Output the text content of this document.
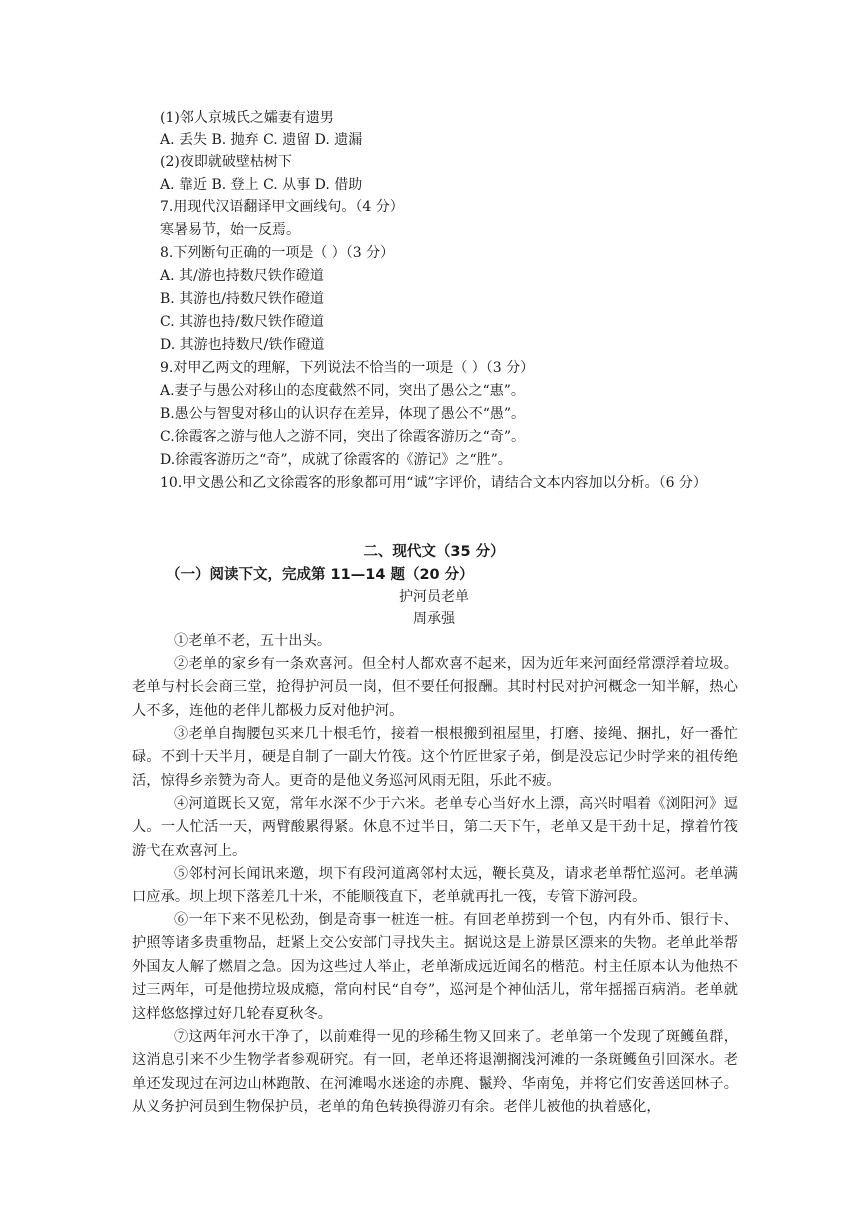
(1)邻人京城氏之孀妻有遗男
A. 丢失 B. 抛弃 C. 遗留 D. 遗漏
(2)夜即就破壁枯树下
A. 靠近 B. 登上 C. 从事 D. 借助
7.用现代汉语翻译甲文画线句。（4 分）
寒暑易节，始一反焉。
8.下列断句正确的一项是（ ）（3 分）
A. 其/游也持数尺铁作磴道
B. 其游也/持数尺铁作磴道
C. 其游也持/数尺铁作磴道
D. 其游也持数尺/铁作磴道
9.对甲乙两文的理解，下列说法不恰当的一项是（ ）（3 分）
A.妻子与愚公对移山的态度截然不同，突出了愚公之“惠”。
B.愚公与智叟对移山的认识存在差异，体现了愚公不“愚”。
C.徐霞客之游与他人之游不同，突出了徐霞客游历之“奇”。
D.徐霞客游历之“奇”，成就了徐霞客的《游记》之“胜”。
10.甲文愚公和乙文徐霞客的形象都可用“诚”字评价，请结合文本内容加以分析。（6 分）
二、现代文（35 分）
（一）阅读下文，完成第 11—14 题（20 分）
护河员老单
周承强
①老单不老，五十出头。
②老单的家乡有一条欢喜河。但全村人都欢喜不起来，因为近年来河面经常漂浮着垃圾。老单与村长会商三堂，抢得护河员一岗，但不要任何报酬。其时村民对护河概念一知半解，热心人不多，连他的老伴儿都极力反对他护河。
③老单自掏腰包买来几十根毛竹，接着一根根搬到祖屋里，打磨、接绳、捆扎，好一番忙碌。不到十天半月，硬是自制了一副大竹筏。这个竹匠世家子弟，倒是没忘记少时学来的祖传绝活，惊得乡亲赞为奇人。更奇的是他义务巡河风雨无阻，乐此不疲。
④河道既长又宽，常年水深不少于六米。老单专心当好水上漂，高兴时唱着《浏阳河》逗人。一人忙活一天，两臂酸累得紧。休息不过半日，第二天下午，老单又是干劲十足，撑着竹筏游弋在欢喜河上。
⑤邻村河长闻讯来邀，坝下有段河道离邻村太远，鞭长莫及，请求老单帮忙巡河。老单满口应承。坝上坝下落差几十米，不能顺筏直下，老单就再扎一筏，专管下游河段。
⑥一年下来不见松劲，倒是奇事一桩连一桩。有回老单捞到一个包，内有外币、银行卡、护照等诸多贵重物品，赶紧上交公安部门寻找失主。据说这是上游景区漂来的失物。老单此举帮外国友人解了燃眉之急。因为这些过人举止，老单渐成远近闻名的楷范。村主任原本认为他热不过三两年，可是他捞垃圾成瘾，常向村民“自夸”，巡河是个神仙活儿，常年摇摇百病消。老单就这样悠悠撑过好几轮春夏秋冬。
⑦这两年河水干净了，以前难得一见的珍稀生物又回来了。老单第一个发现了斑鳠鱼群，这消息引来不少生物学者参观研究。有一回，老单还将退潮搁浅河滩的一条斑鳠鱼引回深水。老单还发现过在河边山林跑散、在河滩喝水迷途的赤麂、鬣羚、华南兔，并将它们安善送回林子。从义务护河员到生物保护员，老单的角色转换得游刃有余。老伴儿被他的执着感化，
